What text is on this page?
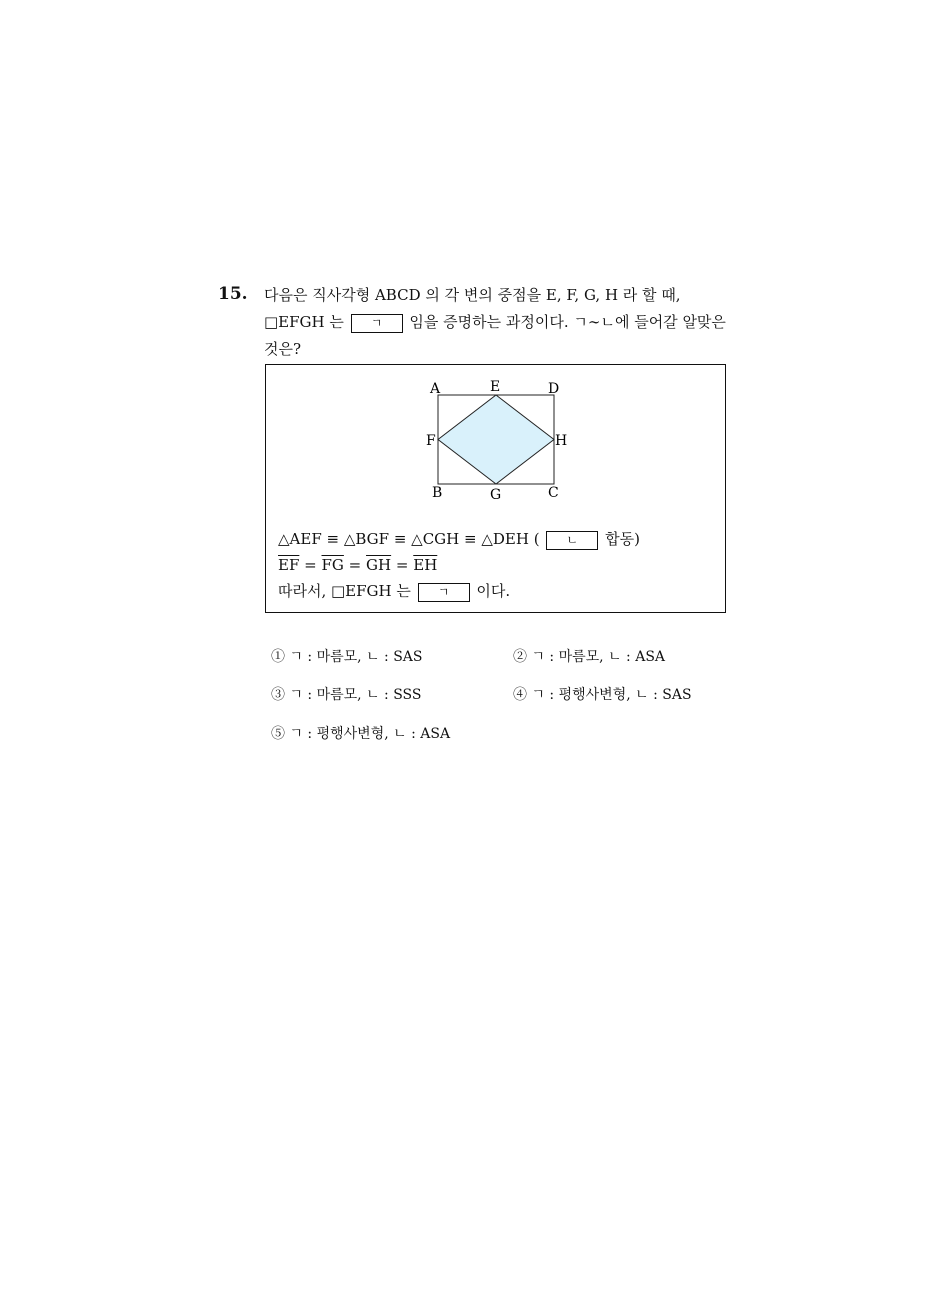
15. 다음은 직사각형 ABCD 의 각 변의 중점을 E, F, G, H 라 할 때,
□EFGH 는 ㄱ 임을 증명하는 과정이다. ㄱ∼ㄴ에 들어갈 알맞은
것은?
A	E	D
F	H
B	G	C
△AEF ≡ △BGF ≡ △CGH ≡ △DEH ( ㄴ 합동)
$\overline{EF} = \overline{FG} = \overline{GH} = \overline{EH}$
따라서, □EFGH 는 ㄱ 이다.
① ㄱ : 마름모, ㄴ : SAS	② ㄱ : 마름모, ㄴ : ASA
③ ㄱ : 마름모, ㄴ : SSS	④ ㄱ : 평행사변형, ㄴ : SAS
⑤ ㄱ : 평행사변형, ㄴ : ASA
